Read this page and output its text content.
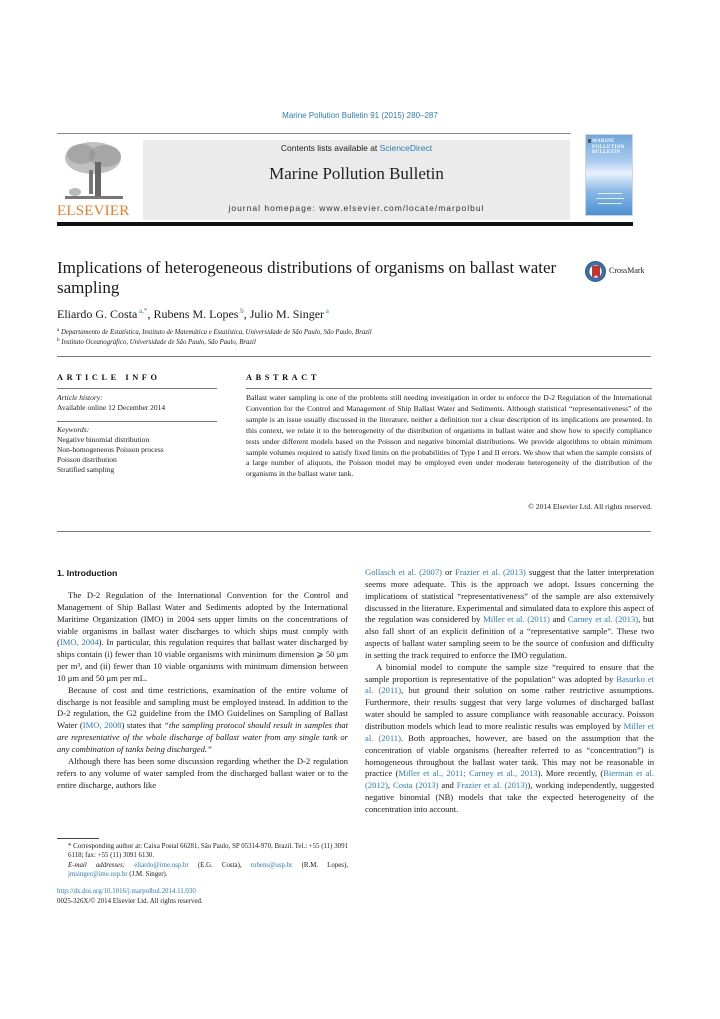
Marine Pollution Bulletin 91 (2015) 280–287
ELSEVIER
Contents lists available at ScienceDirect
Marine Pollution Bulletin
journal homepage: www.elsevier.com/locate/marpolbul
MARINE
POLLUTION
BULLETIN
Implications of heterogeneous distributions of organisms on ballast water sampling
CrossMark
Eliardo G. Costa $^{a,*}$, Rubens M. Lopes $^b$, Julio M. Singer $^a$
$^a$ Departamento de Estatística, Instituto de Matemática e Estatística, Universidade de São Paulo, São Paulo, Brazil
$^b$ Instituto Oceanográfico, Universidade de São Paulo, São Paulo, Brazil
ARTICLE INFO
Article history:
Available online 12 December 2014
Keywords:
Negative binomial distribution
Non-homogeneous Poisson process
Poisson distribution
Stratified sampling
ABSTRACT
Ballast water sampling is one of the problems still needing investigation in order to enforce the D-2 Regulation of the International Convention for the Control and Management of Ship Ballast Water and Sediments. Although statistical “representativeness” of the sample is an issue usually discussed in the literature, neither a definition nor a clear description of its implications are presented. In this context, we relate it to the heterogeneity of the distribution of organisms in ballast water and show how to specify compliance tests under different models based on the Poisson and negative binomial distributions. We provide algorithms to obtain minimum sample volumes required to satisfy fixed limits on the probabilities of Type I and II errors. We show that when the sample consists of a large number of aliquots, the Poisson model may be employed even under moderate heterogeneity of the distribution of the organisms in the ballast water tank.
© 2014 Elsevier Ltd. All rights reserved.
1. Introduction

The D-2 Regulation of the International Convention for the Control and Management of Ship Ballast Water and Sediments adopted by the International Maritime Organization (IMO) in 2004 sets upper limits on the concentrations of viable organisms in ballast water discharges to which ships must comply with (IMO, 2004). In particular, this regulation requires that ballast water discharged by ships contain (i) fewer than 10 viable organisms with minimum dimension ⩾ 50 μm per m³, and (ii) fewer than 10 viable organisms with minimum dimension between 10 μm and 50 μm per mL.

Because of cost and time restrictions, examination of the entire volume of discharge is not feasible and sampling must be employed instead. In addition to the D-2 regulation, the G2 guideline from the IMO Guidelines on Sampling of Ballast Water (IMO, 2008) states that “the sampling protocol should result in samples that are representative of the whole discharge of ballast water from any single tank or any combination of tanks being discharged.”

Although there has been some discussion regarding whether the D-2 regulation refers to any volume of water sampled from the discharged ballast water or to the entire discharge, authors like

Gollasch et al. (2007) or Frazier et al. (2013) suggest that the latter interpretation seems more adequate. This is the approach we adopt. Issues concerning the implications of statistical “representativeness” of the sample are also extensively discussed in the literature. Experimental and simulated data to explore this aspect of the regulation was considered by Miller et al. (2011) and Carney et al. (2013), but also fall short of an explicit definition of a “representative sample”. These two aspects of ballast water sampling seem to be the source of confusion and difficulty in setting the track required to enforce the IMO regulation.

A binomial model to compute the sample size “required to ensure that the sample proportion is representative of the population” was adopted by Basurko et al. (2011), but ground their solution on some rather restrictive assumptions. Furthermore, their results suggest that very large volumes of discharged ballast water should be sampled to assure compliance with reasonable accuracy. Poisson distribution models which lead to more realistic results was employed by Miller et al. (2011). Both approaches, however, are based on the assumption that the concentration of viable organisms (hereafter referred to as “concentration”) is homogeneous throughout the ballast water tank. This may not be reasonable in practice (Miller et al., 2011; Carney et al., 2013). More recently, (Bierman et al. (2012), Costa (2013) and Frazier et al. (2013)), working independently, suggested negative binomial (NB) models that take the expected heterogeneity of the concentration into account.

* Corresponding author at: Caixa Postal 66281, São Paulo, SP 05314-970, Brazil. Tel.: +55 (11) 3091 6118; fax: +55 (11) 3091 6130.
E-mail addresses: eliardo@ime.usp.br (E.G. Costa), rubens@usp.br (R.M. Lopes), jmsinger@ime.usp.br (J.M. Singer).
http://dx.doi.org/10.1016/j.marpolbul.2014.11.030
0025-326X/© 2014 Elsevier Ltd. All rights reserved.
